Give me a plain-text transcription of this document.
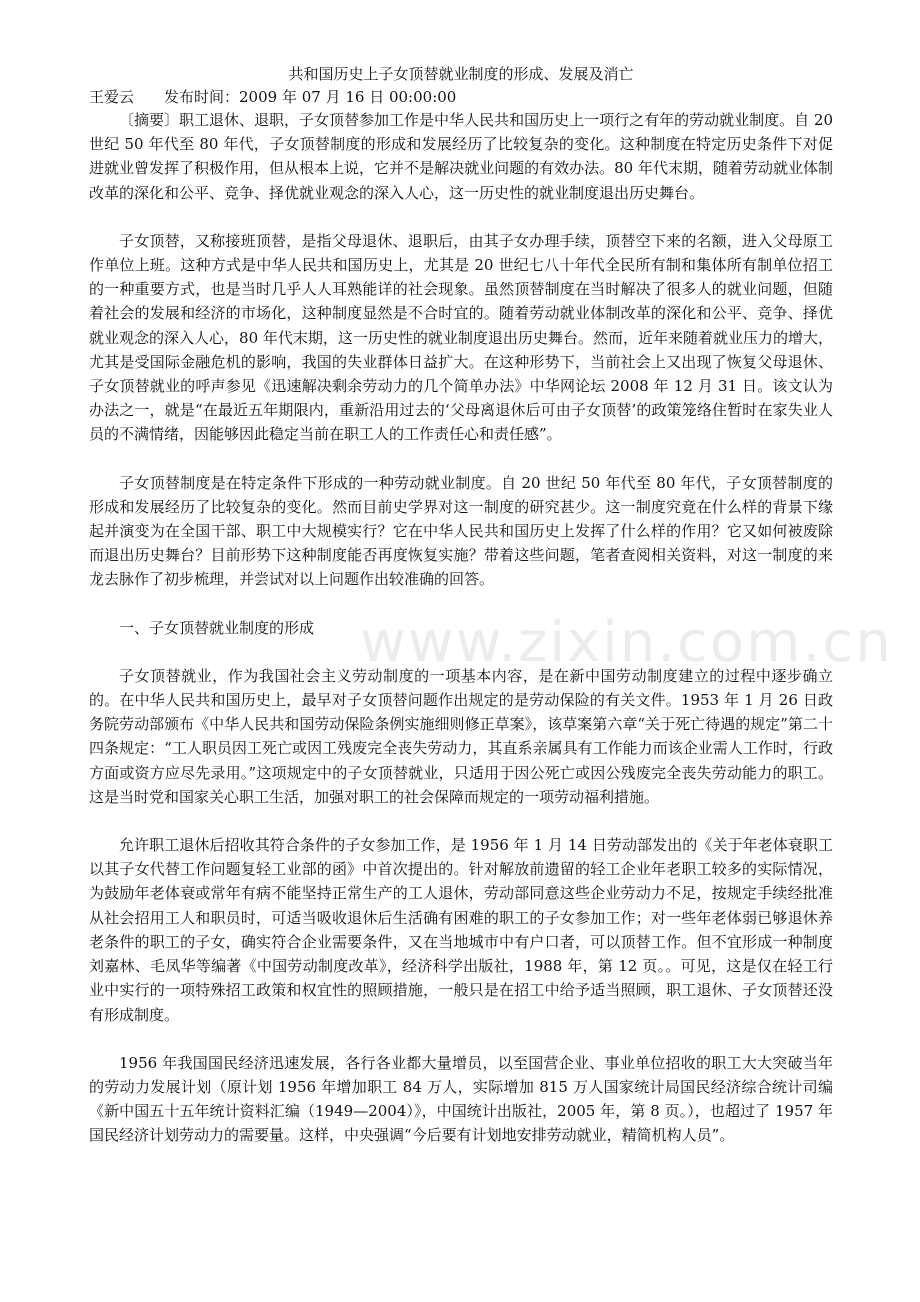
www.zixin.com.cn
共和国历史上子女顶替就业制度的形成、发展及消亡
王爱云 发布时间：2009 年 07 月 16 日 00:00:00

〔摘要〕职工退休、退职，子女顶替参加工作是中华人民共和国历史上一项行之有年的劳动就业制度。自 20 世纪 50 年代至 80 年代，子女顶替制度的形成和发展经历了比较复杂的变化。这种制度在特定历史条件下对促进就业曾发挥了积极作用，但从根本上说，它并不是解决就业问题的有效办法。80 年代末期，随着劳动就业体制改革的深化和公平、竞争、择优就业观念的深入人心，这一历史性的就业制度退出历史舞台。

子女顶替，又称接班顶替，是指父母退休、退职后，由其子女办理手续，顶替空下来的名额，进入父母原工作单位上班。这种方式是中华人民共和国历史上，尤其是 20 世纪七八十年代全民所有制和集体所有制单位招工的一种重要方式，也是当时几乎人人耳熟能详的社会现象。虽然顶替制度在当时解决了很多人的就业问题，但随着社会的发展和经济的市场化，这种制度显然是不合时宜的。随着劳动就业体制改革的深化和公平、竞争、择优就业观念的深入人心，80 年代末期，这一历史性的就业制度退出历史舞台。然而，近年来随着就业压力的增大，尤其是受国际金融危机的影响，我国的失业群体日益扩大。在这种形势下，当前社会上又出现了恢复父母退休、子女顶替就业的呼声参见《迅速解决剩余劳动力的几个简单办法》中华网论坛 2008 年 12 月 31 日。该文认为办法之一，就是“在最近五年期限内，重新沿用过去的‘父母离退休后可由子女顶替’的政策笼络住暂时在家失业人员的不满情绪，因能够因此稳定当前在职工人的工作责任心和责任感”。

子女顶替制度是在特定条件下形成的一种劳动就业制度。自 20 世纪 50 年代至 80 年代，子女顶替制度的形成和发展经历了比较复杂的变化。然而目前史学界对这一制度的研究甚少。这一制度究竟在什么样的背景下缘起并演变为在全国干部、职工中大规模实行？它在中华人民共和国历史上发挥了什么样的作用？它又如何被废除而退出历史舞台？目前形势下这种制度能否再度恢复实施？带着这些问题，笔者查阅相关资料，对这一制度的来龙去脉作了初步梳理，并尝试对以上问题作出较准确的回答。

一、子女顶替就业制度的形成

子女顶替就业，作为我国社会主义劳动制度的一项基本内容，是在新中国劳动制度建立的过程中逐步确立的。在中华人民共和国历史上，最早对子女顶替问题作出规定的是劳动保险的有关文件。1953 年 1 月 26 日政务院劳动部颁布《中华人民共和国劳动保险条例实施细则修正草案》，该草案第六章“关于死亡待遇的规定”第二十四条规定：“工人职员因工死亡或因工残废完全丧失劳动力，其直系亲属具有工作能力而该企业需人工作时，行政方面或资方应尽先录用。”这项规定中的子女顶替就业，只适用于因公死亡或因公残废完全丧失劳动能力的职工。这是当时党和国家关心职工生活，加强对职工的社会保障而规定的一项劳动福利措施。

允许职工退休后招收其符合条件的子女参加工作，是 1956 年 1 月 14 日劳动部发出的《关于年老体衰职工以其子女代替工作问题复轻工业部的函》中首次提出的。针对解放前遗留的轻工企业年老职工较多的实际情况，为鼓励年老体衰或常年有病不能坚持正常生产的工人退休，劳动部同意这些企业劳动力不足，按规定手续经批准从社会招用工人和职员时，可适当吸收退休后生活确有困难的职工的子女参加工作；对一些年老体弱已够退休养老条件的职工的子女，确实符合企业需要条件，又在当地城市中有户口者，可以顶替工作。但不宜形成一种制度刘嘉林、毛凤华等编著《中国劳动制度改革》，经济科学出版社，1988 年，第 12 页。。可见，这是仅在轻工行业中实行的一项特殊招工政策和权宜性的照顾措施，一般只是在招工中给予适当照顾，职工退休、子女顶替还没有形成制度。

1956 年我国国民经济迅速发展，各行各业都大量增员，以至国营企业、事业单位招收的职工大大突破当年的劳动力发展计划（原计划 1956 年增加职工 84 万人，实际增加 815 万人国家统计局国民经济综合统计司编《新中国五十五年统计资料汇编（1949—2004）》，中国统计出版社，2005 年，第 8 页。），也超过了 1957 年国民经济计划劳动力的需要量。这样，中央强调“今后要有计划地安排劳动就业，精简机构人员”。
